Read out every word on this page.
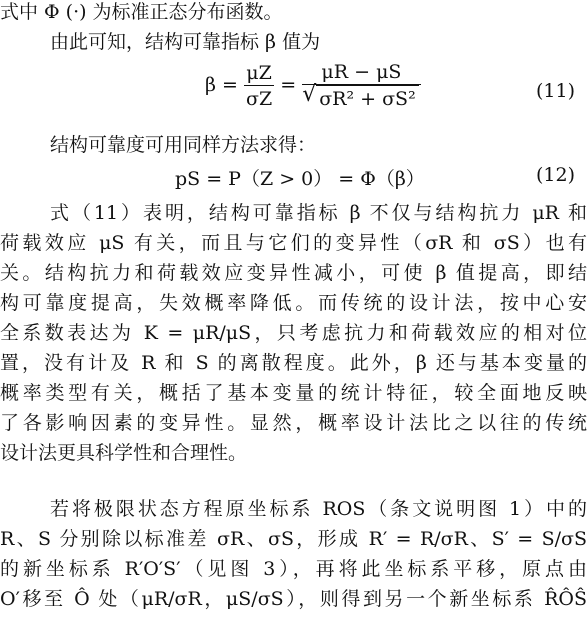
式中 Φ (·) 为标准正态分布函数。
由此可知，结构可靠指标 β 值为
$\beta = \frac{\mu Z}{\sigma Z} = \mu R - \mu S$
√ σR² + σS²	(11)
结构可靠度可用同样方法求得：
pS = P（Z > 0） = Φ（β）	(12)
式（11）表明，结构可靠指标 β 不仅与结构抗力 μR 和
荷载效应 μS 有关，而且与它们的变异性（σR 和 σS）也有
关。结构抗力和荷载效应变异性减小，可使 β 值提高，即结
构可靠度提高，失效概率降低。而传统的设计法，按中心安
全系数表达为 K = μR/μS，只考虑抗力和荷载效应的相对位
置，没有计及 R 和 S 的离散程度。此外，β 还与基本变量的
概率类型有关，概括了基本变量的统计特征，较全面地反映
了各影响因素的变异性。显然，概率设计法比之以往的传统
设计法更具科学性和合理性。
若将极限状态方程原坐标系 ROS（条文说明图 1）中的
R、S 分别除以标准差 σR、σS，形成 R′ = R/σR、S′ = S/σS
的新坐标系 R′O′S′（见图 3），再将此坐标系平移，原点由
O′移至 Ô 处（μR/σR，μS/σS），则得到另一个新坐标系 R̂ÔŜ
